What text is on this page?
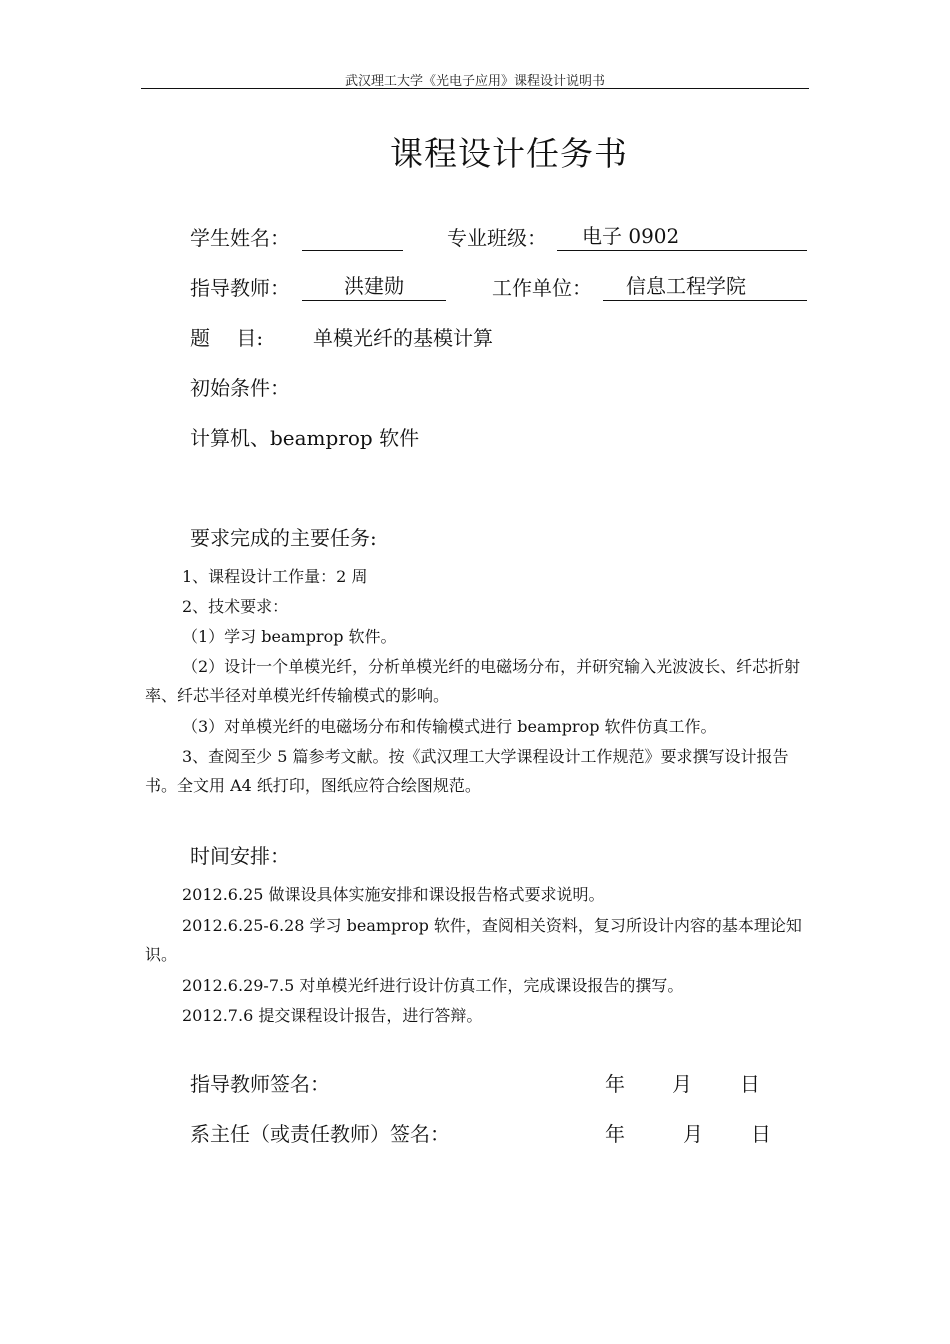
武汉理工大学《光电子应用》课程设计说明书
课程设计任务书
学生姓名：	专业班级：	电子 0902
指导教师：	洪建勋	工作单位：	信息工程学院
题　 目: 单模光纤的基模计算
初始条件：
计算机、beamprop 软件
要求完成的主要任务:
1、课程设计工作量：2 周
2、技术要求：
（1）学习 beamprop 软件。
（2）设计一个单模光纤，分析单模光纤的电磁场分布，并研究输入光波波长、纤芯折射率、纤芯半径对单模光纤传输模式的影响。
（3）对单模光纤的电磁场分布和传输模式进行 beamprop 软件仿真工作。
3、查阅至少 5 篇参考文献。按《武汉理工大学课程设计工作规范》要求撰写设计报告书。全文用 A4 纸打印，图纸应符合绘图规范。
时间安排：
2012.6.25 做课设具体实施安排和课设报告格式要求说明。
2012.6.25-6.28 学习 beamprop 软件，查阅相关资料，复习所设计内容的基本理论知识。
2012.6.29-7.5 对单模光纤进行设计仿真工作，完成课设报告的撰写。
2012.7.6 提交课程设计报告，进行答辩。
指导教师签名：	年 月 日
系主任（或责任教师）签名：	年	月 日
